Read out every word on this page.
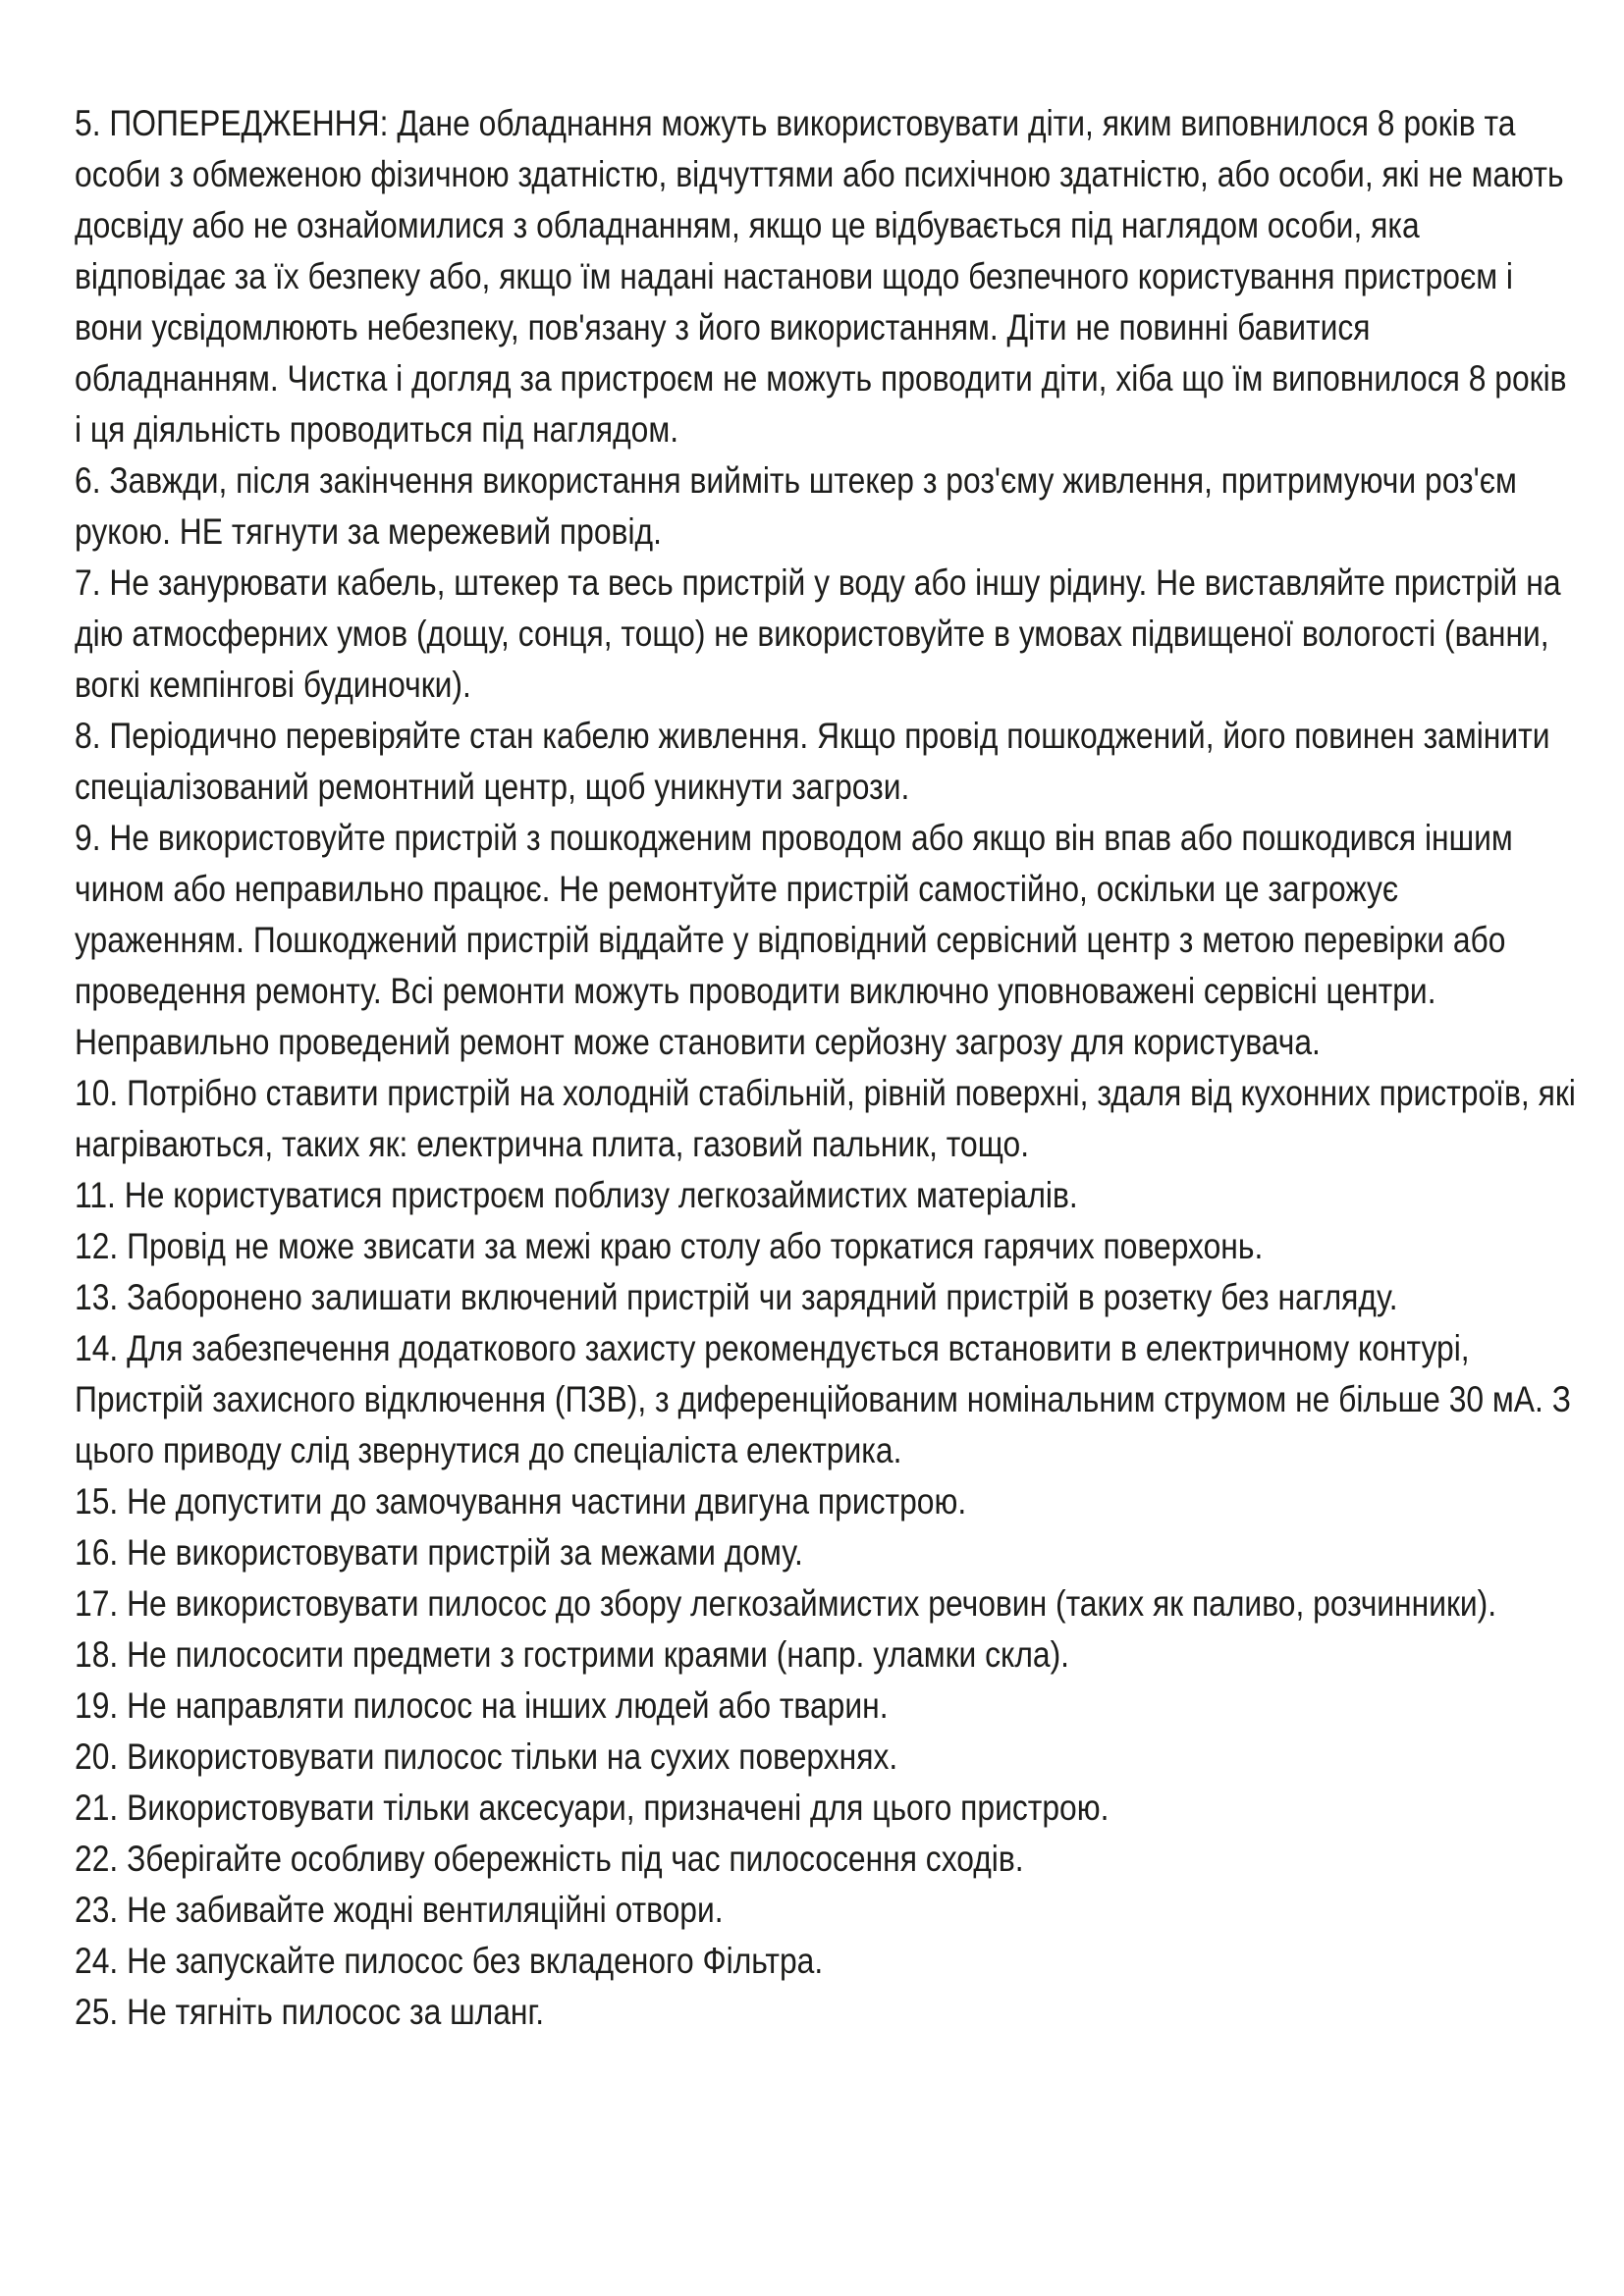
5. ПОПЕРЕДЖЕННЯ: Дане обладнання можуть використовувати діти, яким виповнилося 8 років та особи з обмеженою фізичною здатністю, відчуттями або психічною здатністю, або особи, які не мають досвіду або не ознайомилися з обладнанням, якщо це відбувається під наглядом особи, яка відповідає за їх безпеку або, якщо їм надані настанови щодо безпечного користування пристроєм і вони усвідомлюють небезпеку, пов'язану з його використанням. Діти не повинні бавитися обладнанням. Чистка і догляд за пристроєм не можуть проводити діти, хіба що їм виповнилося 8 років і ця діяльність проводиться під наглядом.

6. Завжди, після закінчення використання вийміть штекер з роз'єму живлення, притримуючи роз'єм рукою. НЕ тягнути за мережевий провід.

7. Не занурювати кабель, штекер та весь пристрій у воду або іншу рідину. Не виставляйте пристрій на дію атмосферних умов (дощу, сонця, тощо) не використовуйте в умовах підвищеної вологості (ванни, вогкі кемпінгові будиночки).

8. Періодично перевіряйте стан кабелю живлення. Якщо провід пошкоджений, його повинен замінити спеціалізований ремонтний центр, щоб уникнути загрози.

9. Не використовуйте пристрій з пошкодженим проводом або якщо він впав або пошкодився іншим чином або неправильно працює. Не ремонтуйте пристрій самостійно, оскільки це загрожує ураженням. Пошкоджений пристрій віддайте у відповідний сервісний центр з метою перевірки або проведення ремонту. Всі ремонти можуть проводити виключно уповноважені сервісні центри. Неправильно проведений ремонт може становити серйозну загрозу для користувача.

10. Потрібно ставити пристрій на холодній стабільній, рівній поверхні, здаля від кухонних пристроїв, які нагріваються, таких як: електрична плита, газовий пальник, тощо.

11. Не користуватися пристроєм поблизу легкозаймистих матеріалів.

12. Провід не може звисати за межі краю столу або торкатися гарячих поверхонь.

13. Заборонено залишати включений пристрій чи зарядний пристрій в розетку без нагляду.

14. Для забезпечення додаткового захисту рекомендується встановити в електричному контурі, Пристрій захисного відключення (ПЗВ), з диференційованим номінальним струмом не більше 30 мА. З цього приводу слід звернутися до спеціаліста електрика.

15. Не допустити до замочування частини двигуна пристрою.

16. Не використовувати пристрій за межами дому.

17. Не використовувати пилосос до збору легкозаймистих речовин (таких як паливо, розчинники).

18. Не пилососити предмети з гострими краями (напр. уламки скла).

19. Не направляти пилосос на інших людей або тварин.

20. Використовувати пилосос тільки на сухих поверхнях.

21. Використовувати тільки аксесуари, призначені для цього пристрою.

22. Зберігайте особливу обережність під час пилососення сходів.

23. Не забивайте жодні вентиляційні отвори.

24. Не запускайте пилосос без вкладеного Фільтра.

25. Не тягніть пилосос за шланг.
